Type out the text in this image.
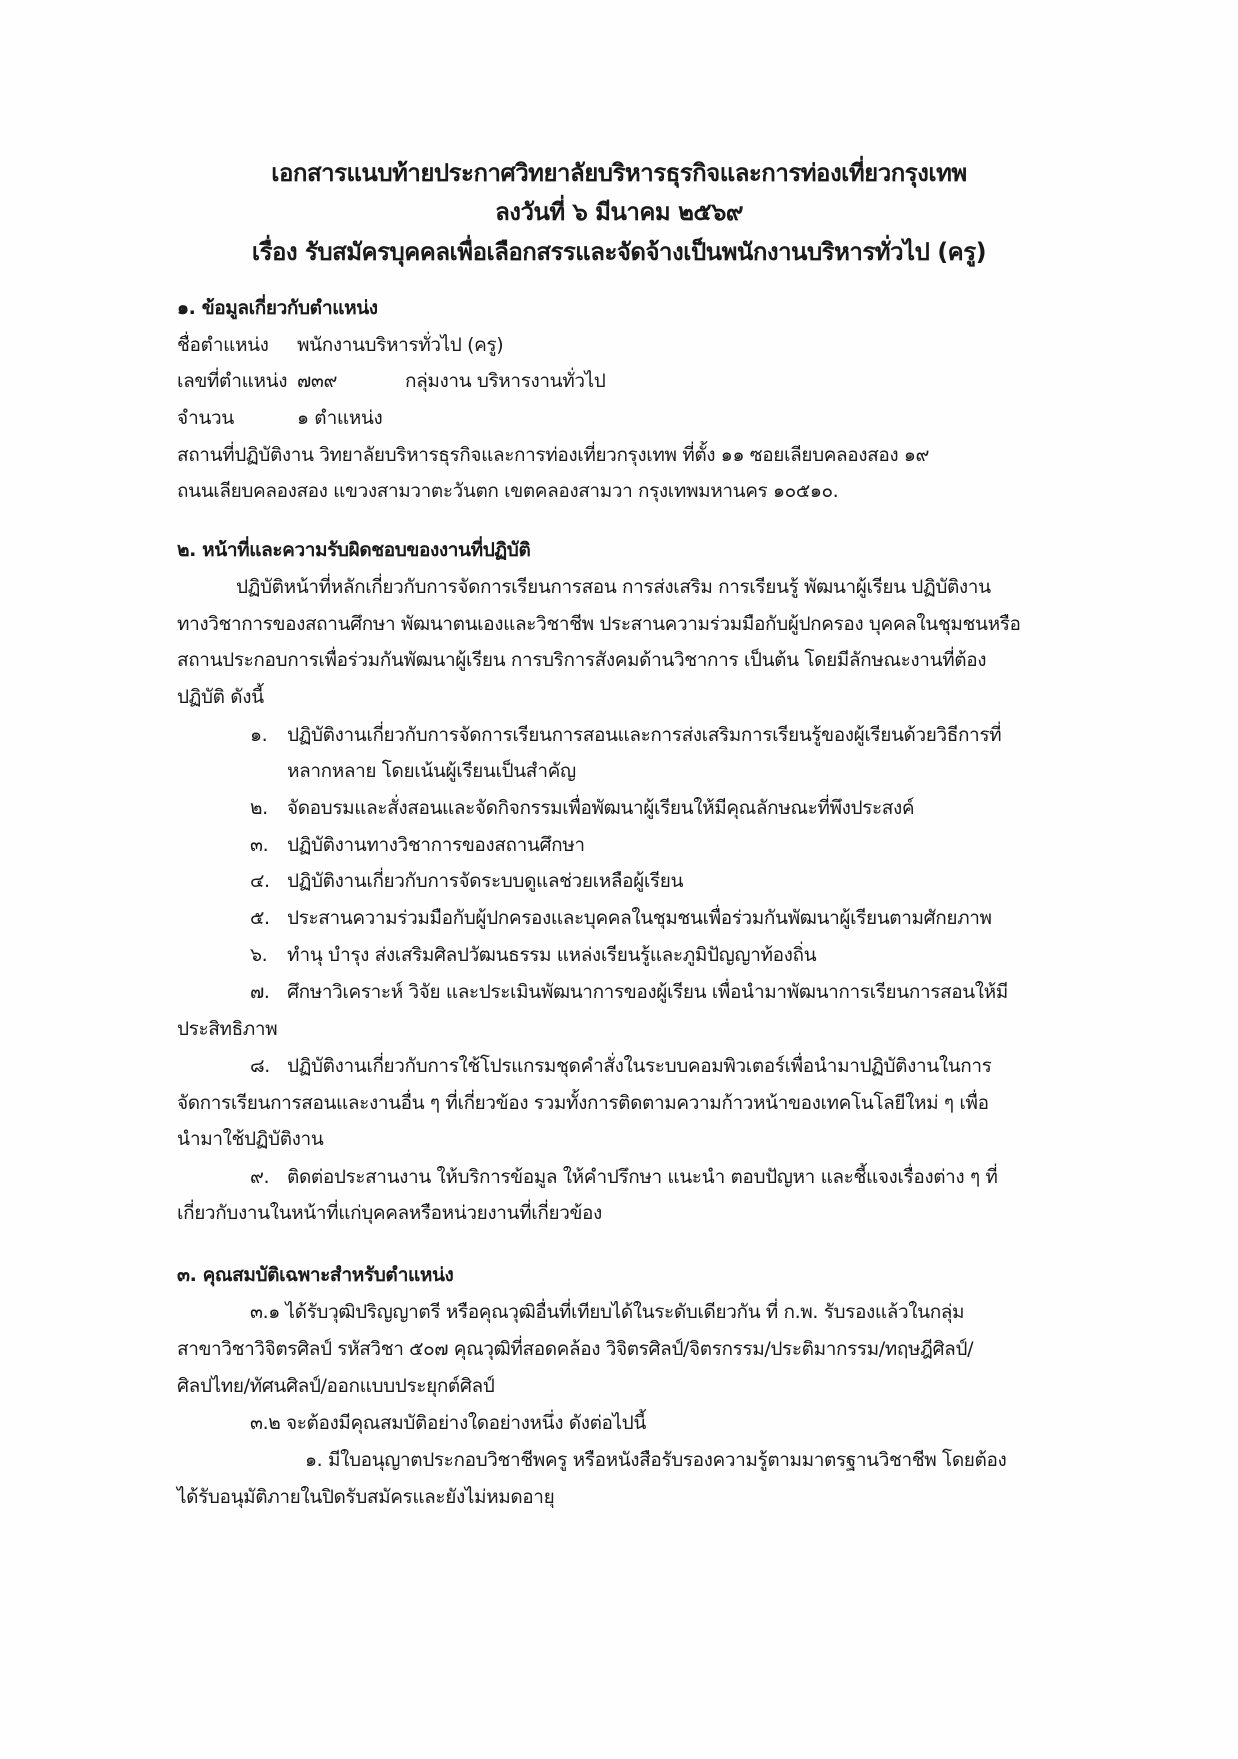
เอกสารแนบท้ายประกาศวิทยาลัยบริหารธุรกิจและการท่องเที่ยวกรุงเทพ
ลงวันที่ ๖ มีนาคม ๒๕๖๙
เรื่อง รับสมัครบุคคลเพื่อเลือกสรรและจัดจ้างเป็นพนักงานบริหารทั่วไป (ครู)
๑. ข้อมูลเกี่ยวกับตำแหน่ง
ชื่อตำแหน่ง พนักงานบริหารทั่วไป (ครู)
เลขที่ตำแหน่ง ๗๓๙	กลุ่มงาน บริหารงานทั่วไป
จำนวน	๑ ตำแหน่ง
สถานที่ปฏิบัติงาน วิทยาลัยบริหารธุรกิจและการท่องเที่ยวกรุงเทพ ที่ตั้ง ๑๑ ซอยเลียบคลองสอง ๑๙
ถนนเลียบคลองสอง แขวงสามวาตะวันตก เขตคลองสามวา กรุงเทพมหานคร ๑๐๕๑๐.
๒. หน้าที่และความรับผิดชอบของงานที่ปฏิบัติ
ปฏิบัติหน้าที่หลักเกี่ยวกับการจัดการเรียนการสอน การส่งเสริม การเรียนรู้ พัฒนาผู้เรียน ปฏิบัติงาน
ทางวิชาการของสถานศึกษา พัฒนาตนเองและวิชาชีพ ประสานความร่วมมือกับผู้ปกครอง บุคคลในชุมชนหรือ
สถานประกอบการเพื่อร่วมกันพัฒนาผู้เรียน การบริการสังคมด้านวิชาการ เป็นต้น โดยมีลักษณะงานที่ต้อง
ปฏิบัติ ดังนี้
๑. ปฏิบัติงานเกี่ยวกับการจัดการเรียนการสอนและการส่งเสริมการเรียนรู้ของผู้เรียนด้วยวิธีการที่
หลากหลาย โดยเน้นผู้เรียนเป็นสำคัญ
๒. จัดอบรมและสั่งสอนและจัดกิจกรรมเพื่อพัฒนาผู้เรียนให้มีคุณลักษณะที่พึงประสงค์
๓. ปฏิบัติงานทางวิชาการของสถานศึกษา
๔. ปฏิบัติงานเกี่ยวกับการจัดระบบดูแลช่วยเหลือผู้เรียน
๕. ประสานความร่วมมือกับผู้ปกครองและบุคคลในชุมชนเพื่อร่วมกันพัฒนาผู้เรียนตามศักยภาพ
๖. ทำนุ บำรุง ส่งเสริมศิลปวัฒนธรรม แหล่งเรียนรู้และภูมิปัญญาท้องถิ่น
๗. ศึกษาวิเคราะห์ วิจัย และประเมินพัฒนาการของผู้เรียน เพื่อนำมาพัฒนาการเรียนการสอนให้มี
ประสิทธิภาพ
๘. ปฏิบัติงานเกี่ยวกับการใช้โปรแกรมชุดคำสั่งในระบบคอมพิวเตอร์เพื่อนำมาปฏิบัติงานในการ
จัดการเรียนการสอนและงานอื่น ๆ ที่เกี่ยวข้อง รวมทั้งการติดตามความก้าวหน้าของเทคโนโลยีใหม่ ๆ เพื่อ
นำมาใช้ปฏิบัติงาน
๙. ติดต่อประสานงาน ให้บริการข้อมูล ให้คำปรึกษา แนะนำ ตอบปัญหา และชี้แจงเรื่องต่าง ๆ ที่
เกี่ยวกับงานในหน้าที่แก่บุคคลหรือหน่วยงานที่เกี่ยวข้อง
๓. คุณสมบัติเฉพาะสำหรับตำแหน่ง
๓.๑ ได้รับวุฒิปริญญาตรี หรือคุณวุฒิอื่นที่เทียบได้ในระดับเดียวกัน ที่ ก.พ. รับรองแล้วในกลุ่ม
สาขาวิชาวิจิตรศิลป์ รหัสวิชา ๕๐๗ คุณวุฒิที่สอดคล้อง วิจิตรศิลป์/จิตรกรรม/ประติมากรรม/ทฤษฎีศิลป์/
ศิลปไทย/ทัศนศิลป์/ออกแบบประยุกต์ศิลป์
๓.๒ จะต้องมีคุณสมบัติอย่างใดอย่างหนึ่ง ดังต่อไปนี้
๑. มีใบอนุญาตประกอบวิชาชีพครู หรือหนังสือรับรองความรู้ตามมาตรฐานวิชาชีพ โดยต้อง
ได้รับอนุมัติภายในปิดรับสมัครและยังไม่หมดอายุ
